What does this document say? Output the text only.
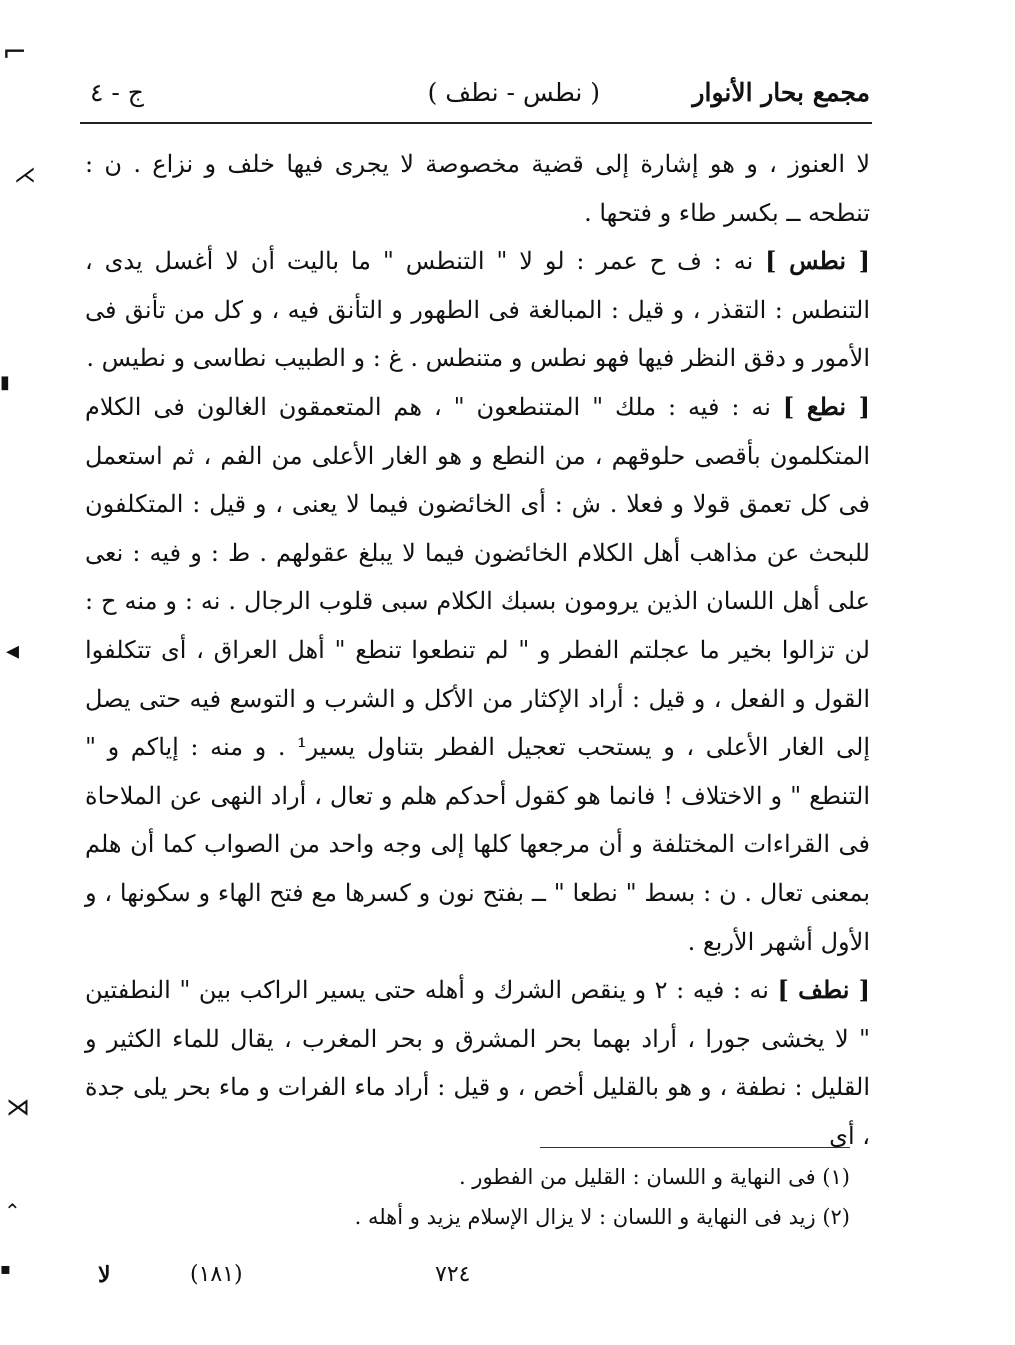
مجمع بحار الأنوار
( نطس - نطف )
ج - ٤

لا العنوز ، و هو إشارة إلى قضية مخصوصة لا يجرى فيها خلف و نزاع . ن : تنطحه ــ بكسر طاء و فتحها .

[ نطس ] نه : ف ح عمر : لو لا " التنطس " ما باليت أن لا أغسل يدى ، التنطس : التقذر ، و قيل : المبالغة فى الطهور و التأنق فيه ، و كل من تأنق فى الأمور و دقق النظر فيها فهو نطس و متنطس . غ : و الطبيب نطاسى و نطيس .

[ نطع ] نه : فيه : ملك " المتنطعون " ، هم المتعمقون الغالون فى الكلام المتكلمون بأقصى حلوقهم ، من النطع و هو الغار الأعلى من الفم ، ثم استعمل فى كل تعمق قولا و فعلا . ش : أى الخائضون فيما لا يعنى ، و قيل : المتكلفون للبحث عن مذاهب أهل الكلام الخائضون فيما لا يبلغ عقولهم . ط : و فيه : نعى على أهل اللسان الذين يرومون بسبك الكلام سبى قلوب الرجال . نه : و منه ح : لن تزالوا بخير ما عجلتم الفطر و " لم تنطعوا تنطع " أهل العراق ، أى تتكلفوا القول و الفعل ، و قيل : أراد الإكثار من الأكل و الشرب و التوسع فيه حتى يصل إلى الغار الأعلى ، و يستحب تعجيل الفطر بتناول يسير¹ . و منه : إياكم و " التنطع " و الاختلاف ! فانما هو كقول أحدكم هلم و تعال ، أراد النهى عن الملاحاة فى القراءات المختلفة و أن مرجعها كلها إلى وجه واحد من الصواب كما أن هلم بمعنى تعال . ن : بسط " نطعا " ــ بفتح نون و كسرها مع فتح الهاء و سكونها ، و الأول أشهر الأربع .

[ نطف ] نه : فيه : ٢ و ينقص الشرك و أهله حتى يسير الراكب بين " النطفتين " لا يخشى جورا ، أراد بهما بحر المشرق و بحر المغرب ، يقال للماء الكثير و القليل : نطفة ، و هو بالقليل أخص ، و قيل : أراد ماء الفرات و ماء بحر يلى جدة ، أى

(١) فى النهاية و اللسان : القليل من الفطور .

(٢) زيد فى النهاية و اللسان : لا يزال الإسلام يزيد و أهله .

لا	(١٨١)	٧٢٤
⌐
⋌
▮
◂
⋊
⌃
▪
